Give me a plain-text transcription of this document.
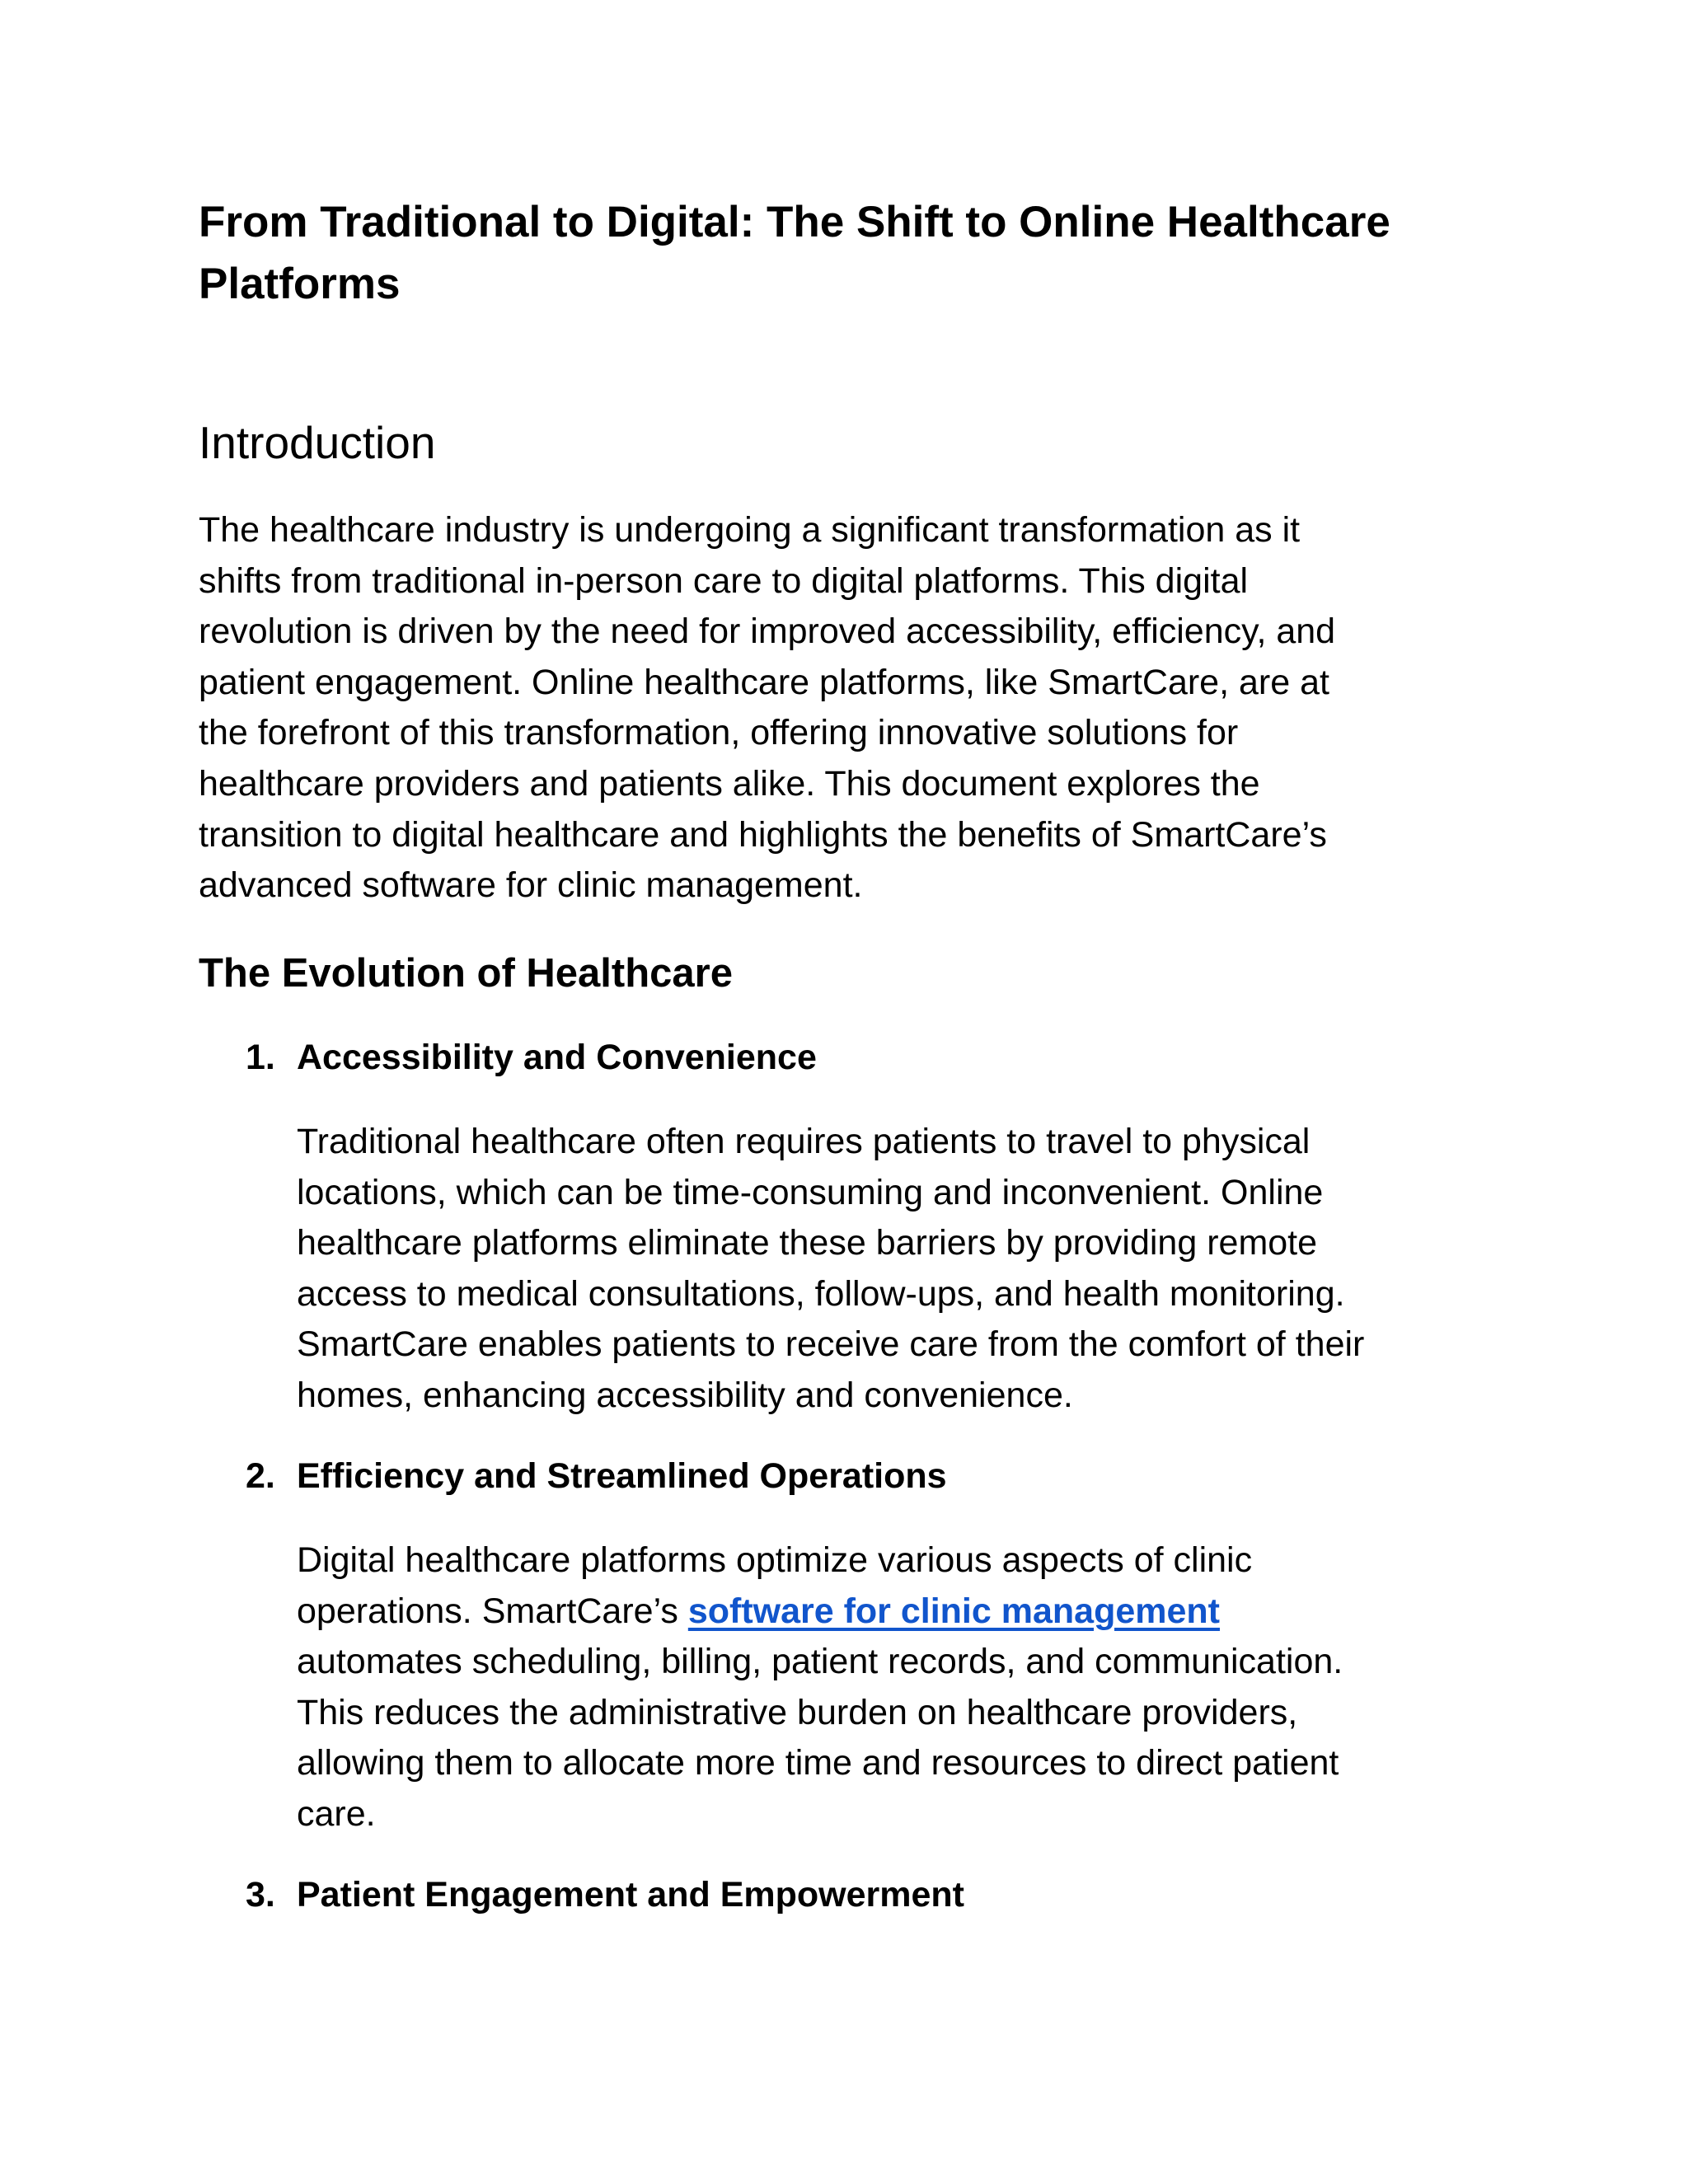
From Traditional to Digital: The Shift to Online Healthcare
Platforms
Introduction

The healthcare industry is undergoing a significant transformation as it
shifts from traditional in-person care to digital platforms. This digital
revolution is driven by the need for improved accessibility, efficiency, and
patient engagement. Online healthcare platforms, like SmartCare, are at
the forefront of this transformation, offering innovative solutions for
healthcare providers and patients alike. This document explores the
transition to digital healthcare and highlights the benefits of SmartCare’s
advanced software for clinic management.

The Evolution of Healthcare
1. Accessibility and Convenience

Traditional healthcare often requires patients to travel to physical
locations, which can be time-consuming and inconvenient. Online
healthcare platforms eliminate these barriers by providing remote
access to medical consultations, follow-ups, and health monitoring.
SmartCare enables patients to receive care from the comfort of their
homes, enhancing accessibility and convenience.

2. Efficiency and Streamlined Operations

Digital healthcare platforms optimize various aspects of clinic
operations. SmartCare’s software for clinic management
automates scheduling, billing, patient records, and communication.
This reduces the administrative burden on healthcare providers,
allowing them to allocate more time and resources to direct patient
care.

3. Patient Engagement and Empowerment
